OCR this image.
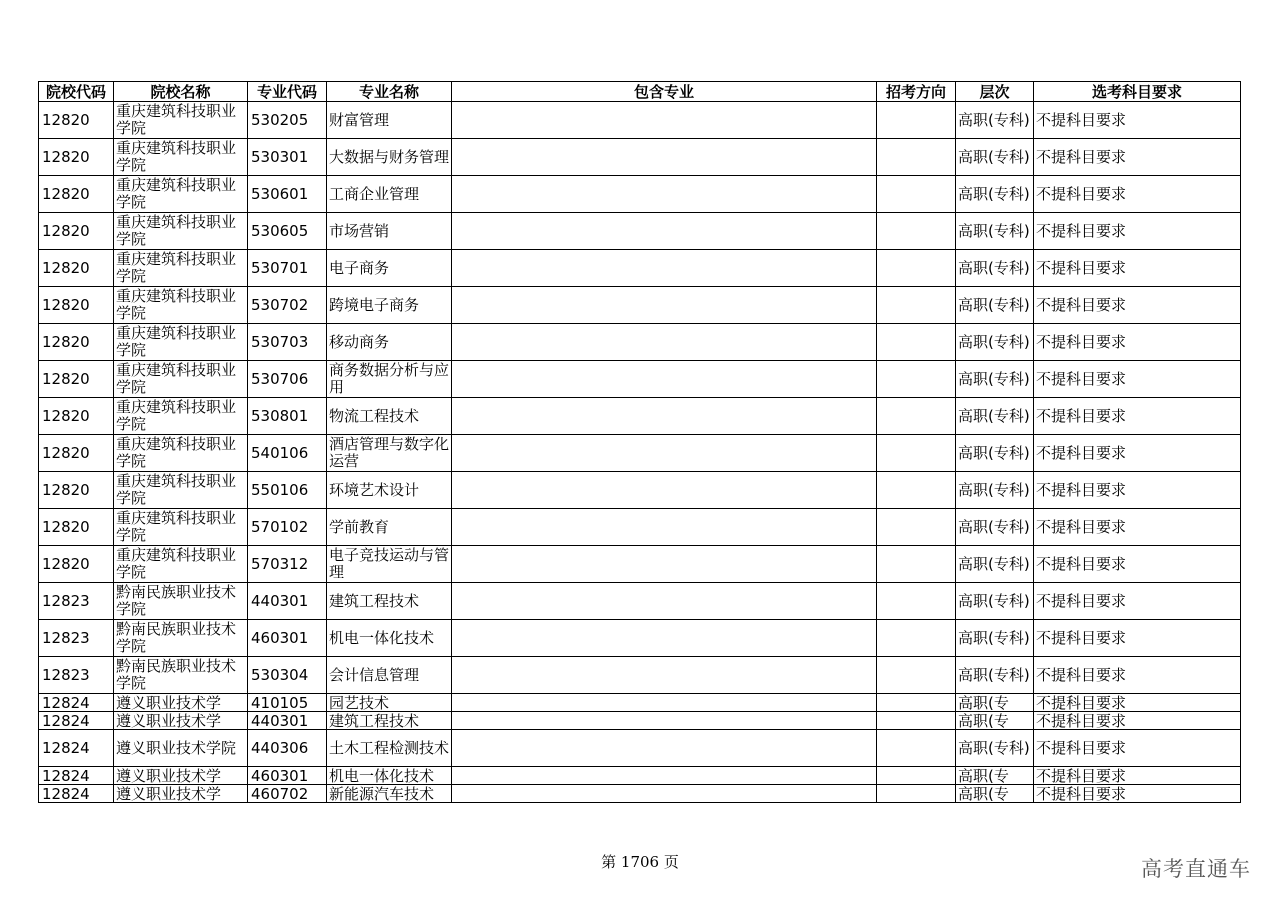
院校代码	院校名称	专业代码	专业名称	包含专业	招考方向	层次	选考科目要求
12820	重庆建筑科技职业学院	530205	财富管理			高职(专科)	不提科目要求
12820	重庆建筑科技职业学院	530301	大数据与财务管理			高职(专科)	不提科目要求
12820	重庆建筑科技职业学院	530601	工商企业管理			高职(专科)	不提科目要求
12820	重庆建筑科技职业学院	530605	市场营销			高职(专科)	不提科目要求
12820	重庆建筑科技职业学院	530701	电子商务			高职(专科)	不提科目要求
12820	重庆建筑科技职业学院	530702	跨境电子商务			高职(专科)	不提科目要求
12820	重庆建筑科技职业学院	530703	移动商务			高职(专科)	不提科目要求
12820	重庆建筑科技职业学院	530706	商务数据分析与应用			高职(专科)	不提科目要求
12820	重庆建筑科技职业学院	530801	物流工程技术			高职(专科)	不提科目要求
12820	重庆建筑科技职业学院	540106	酒店管理与数字化运营			高职(专科)	不提科目要求
12820	重庆建筑科技职业学院	550106	环境艺术设计			高职(专科)	不提科目要求
12820	重庆建筑科技职业学院	570102	学前教育			高职(专科)	不提科目要求
12820	重庆建筑科技职业学院	570312	电子竞技运动与管理			高职(专科)	不提科目要求
12823	黔南民族职业技术学院	440301	建筑工程技术			高职(专科)	不提科目要求
12823	黔南民族职业技术学院	460301	机电一体化技术			高职(专科)	不提科目要求
12823	黔南民族职业技术学院	530304	会计信息管理			高职(专科)	不提科目要求
12824	遵义职业技术学	410105	园艺技术			高职(专	不提科目要求
12824	遵义职业技术学	440301	建筑工程技术			高职(专	不提科目要求
12824	遵义职业技术学院	440306	土木工程检测技术			高职(专科)	不提科目要求
12824	遵义职业技术学	460301	机电一体化技术			高职(专	不提科目要求
12824	遵义职业技术学	460702	新能源汽车技术			高职(专	不提科目要求
第 1706 页	高考直通车
